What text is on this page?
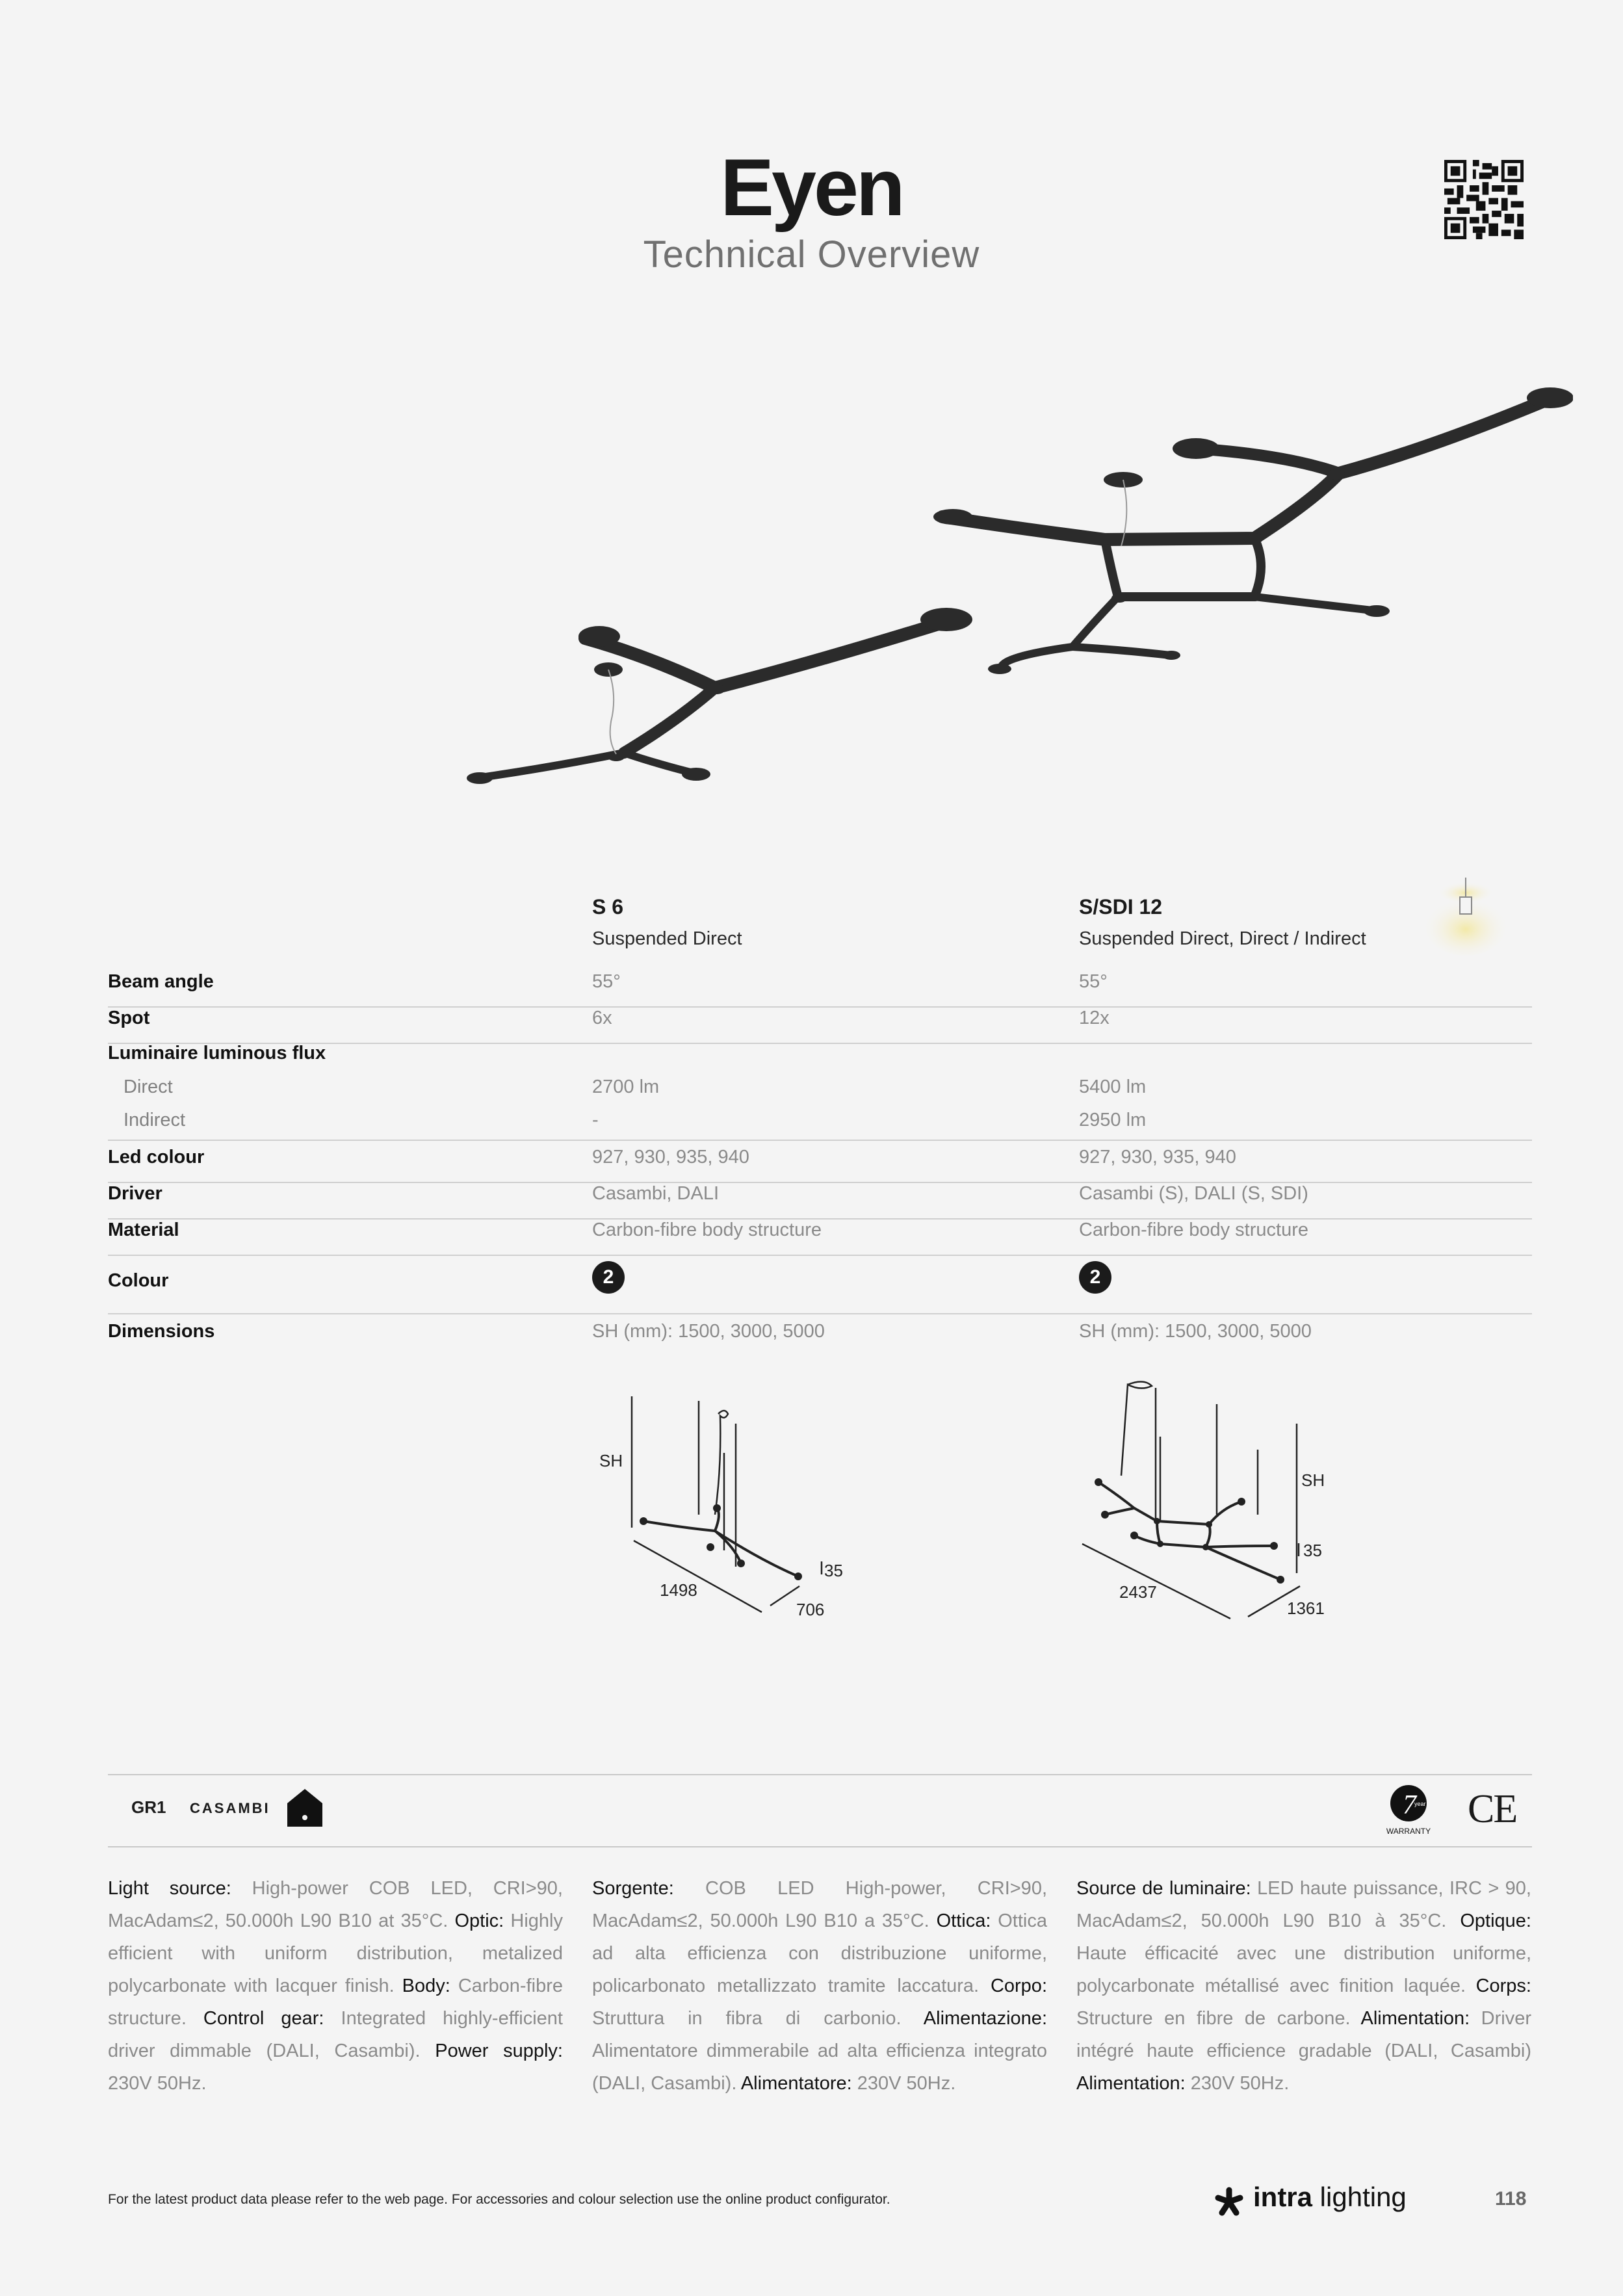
Eyen
Technical Overview
S 6
Suspended Direct
S/SDI 12
Suspended Direct, Direct / Indirect
Beam angle	55°	55°
Spot	6x	12x
Luminaire luminous flux
Direct	2700 lm	5400 lm
Indirect	-	2950 lm
Led colour	927, 930, 935, 940	927, 930, 935, 940
Driver	Casambi, DALI	Casambi (S), DALI (S, SDI)
Material	Carbon-fibre body structure	Carbon-fibre body structure
Colour	2	2
Dimensions	SH (mm): 1500, 3000, 5000	SH (mm): 1500, 3000, 5000
SH
1498
706
35
SH
2437
1361
35
GR1 CASAMBI	7
year
WARRANTY CE
Light source: High-power COB LED, CRI>90, MacAdam≤2, 50.000h L90 B10 at 35°C. Optic: Highly efficient with uniform distribution, metalized polycarbonate with lacquer finish. Body: Carbon-fibre structure. Control gear: Integrated highly-efficient driver dimmable (DALI, Casambi). Power supply: 230V 50Hz.
Sorgente: COB LED High-power, CRI>90, MacAdam≤2, 50.000h L90 B10 a 35°C. Ottica: Ottica ad alta efficienza con distribuzione uniforme, policarbonato metallizzato tramite laccatura. Corpo: Struttura in fibra di carbonio. Alimentazione: Alimentatore dimmerabile ad alta efficienza integrato (DALI, Casambi). Alimentatore: 230V 50Hz.
Source de luminaire: LED haute puissance, IRC > 90, MacAdam≤2, 50.000h L90 B10 à 35°C. Optique: Haute éfficacité avec une distribution uniforme, polycarbonate métallisé avec finition laquée. Corps: Structure en fibre de carbone. Alimentation: Driver intégré haute efficience gradable (DALI, Casambi) Alimentation: 230V 50Hz.
For the latest product data please refer to the web page. For accessories and colour selection use the online product configurator.	intra lighting	118
